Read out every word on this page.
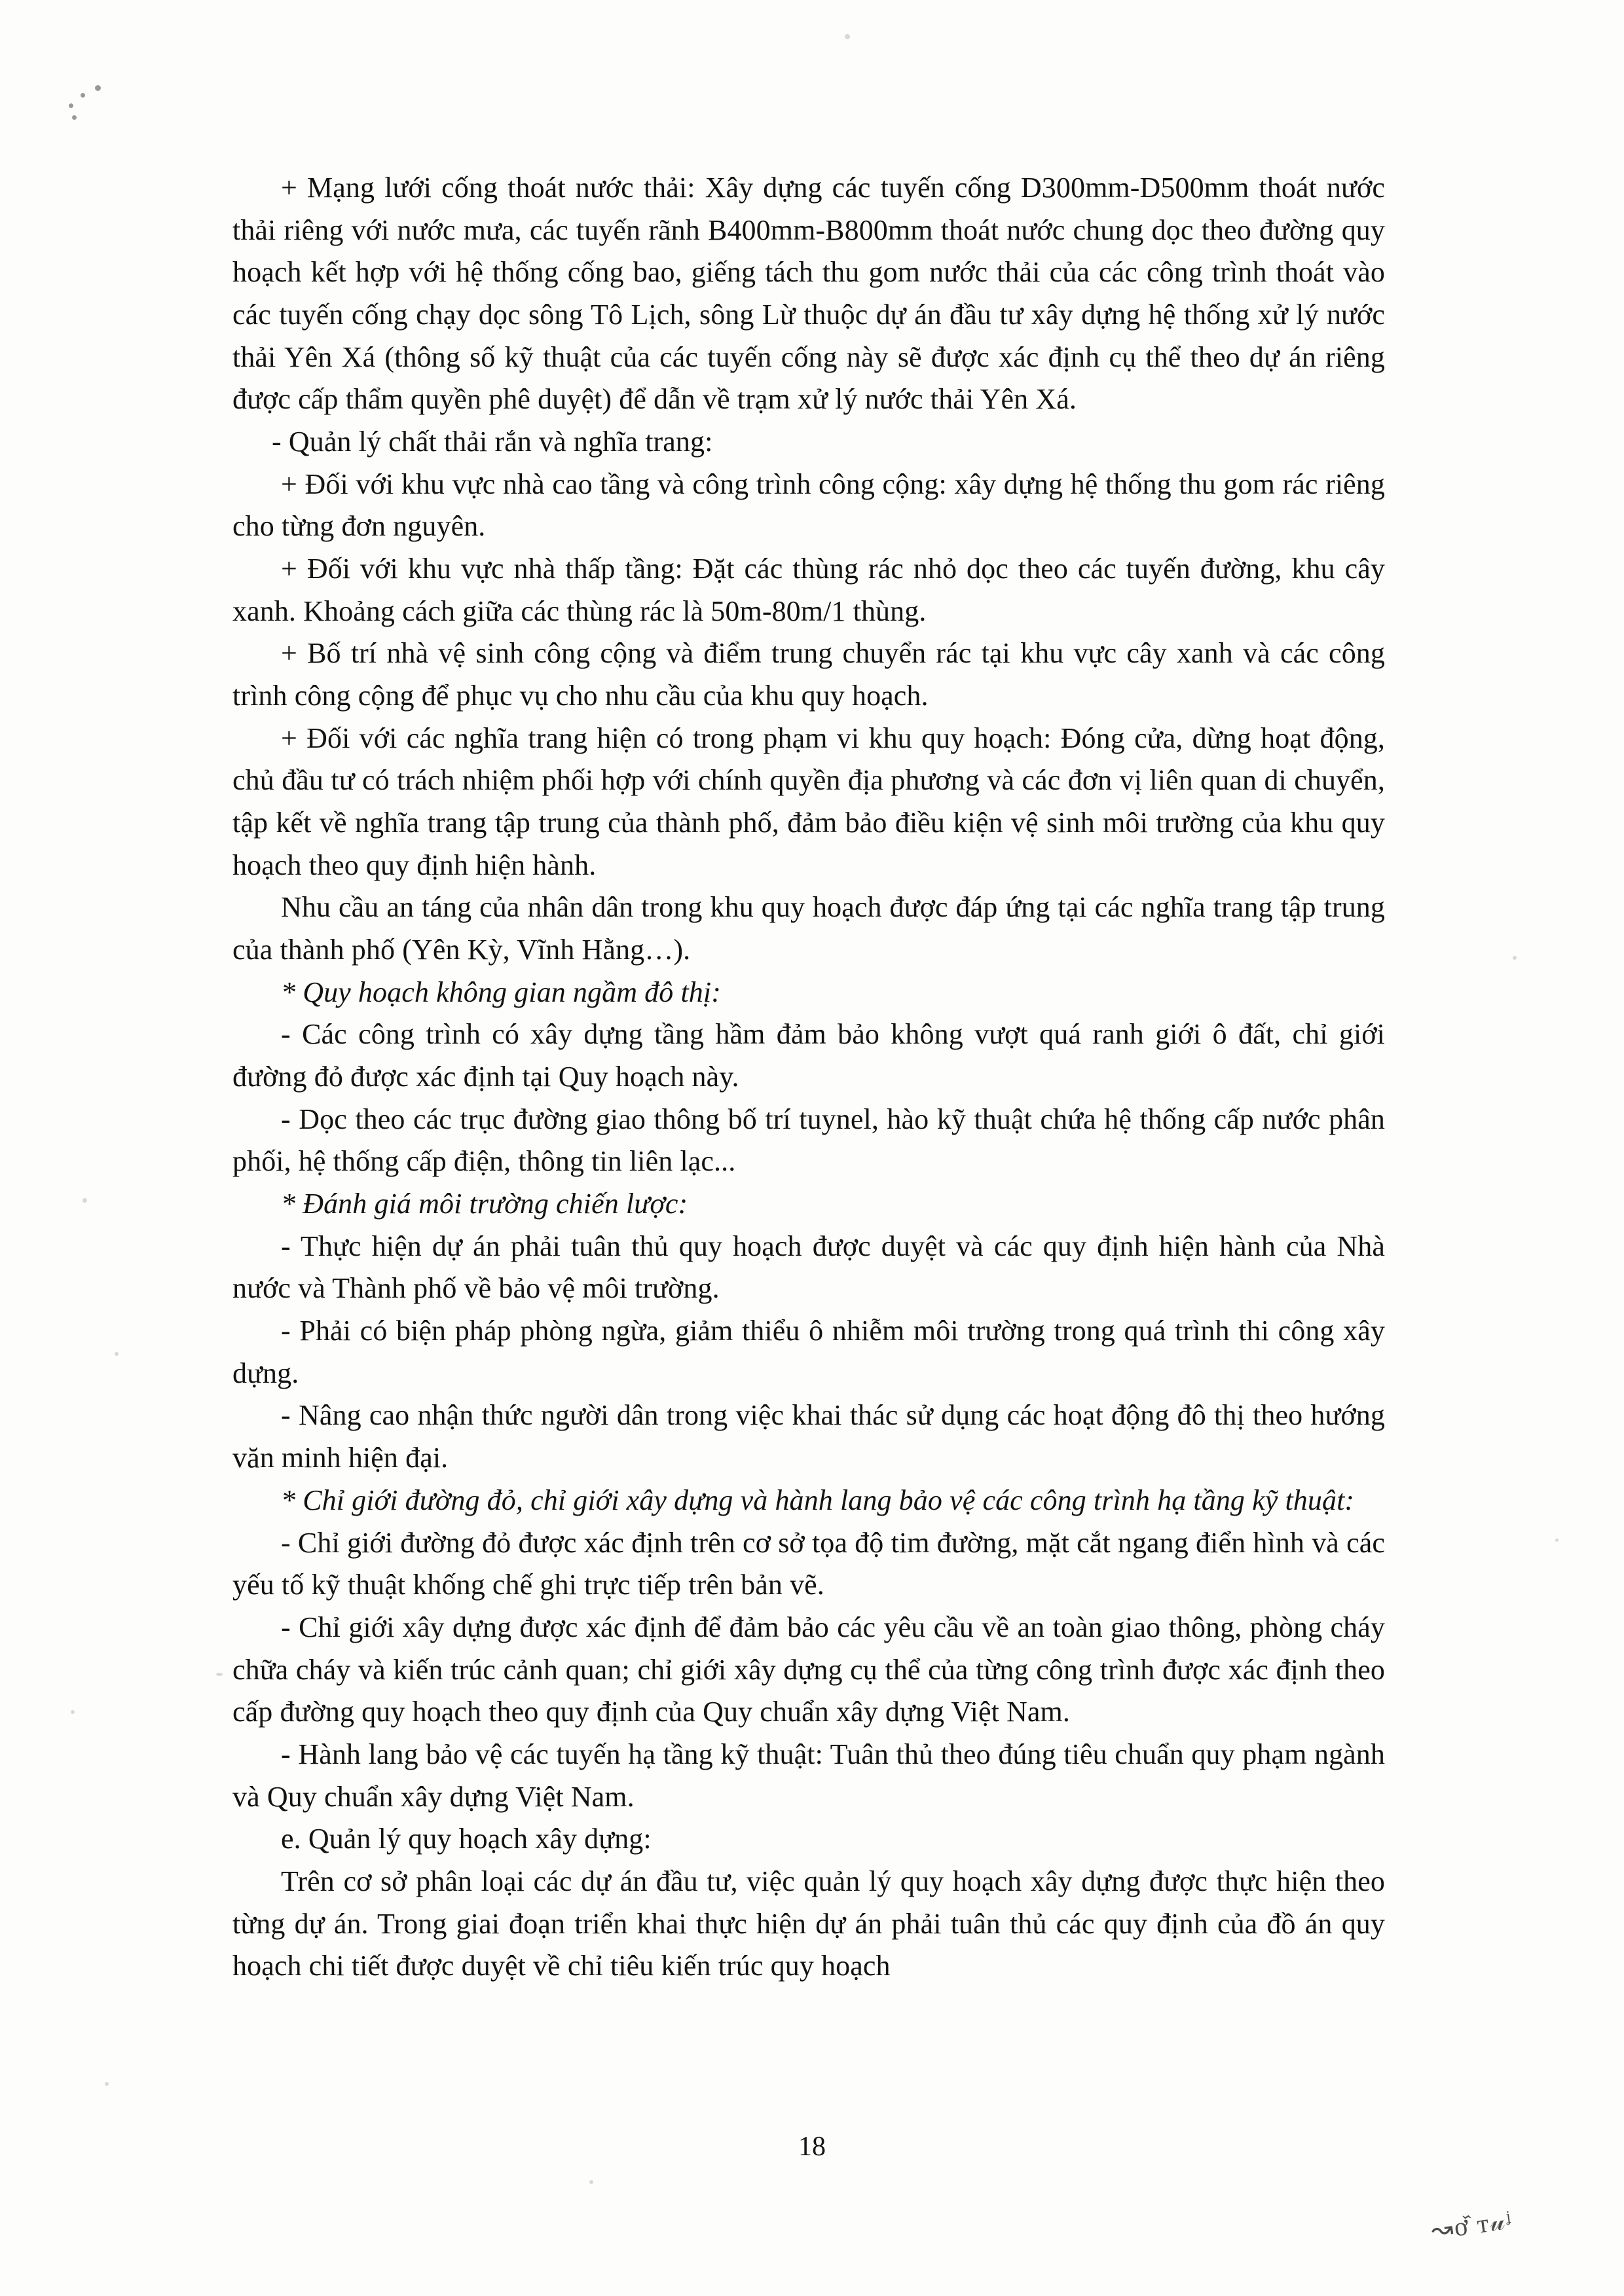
+ Mạng lưới cống thoát nước thải: Xây dựng các tuyến cống D300mm-D500mm thoát nước thải riêng với nước mưa, các tuyến rãnh B400mm-B800mm thoát nước chung dọc theo đường quy hoạch kết hợp với hệ thống cống bao, giếng tách thu gom nước thải của các công trình thoát vào các tuyến cống chạy dọc sông Tô Lịch, sông Lừ thuộc dự án đầu tư xây dựng hệ thống xử lý nước thải Yên Xá (thông số kỹ thuật của các tuyến cống này sẽ được xác định cụ thể theo dự án riêng được cấp thẩm quyền phê duyệt) để dẫn về trạm xử lý nước thải Yên Xá.

- Quản lý chất thải rắn và nghĩa trang:

+ Đối với khu vực nhà cao tầng và công trình công cộng: xây dựng hệ thống thu gom rác riêng cho từng đơn nguyên.

+ Đối với khu vực nhà thấp tầng: Đặt các thùng rác nhỏ dọc theo các tuyến đường, khu cây xanh. Khoảng cách giữa các thùng rác là 50m-80m/1 thùng.

+ Bố trí nhà vệ sinh công cộng và điểm trung chuyển rác tại khu vực cây xanh và các công trình công cộng để phục vụ cho nhu cầu của khu quy hoạch.

+ Đối với các nghĩa trang hiện có trong phạm vi khu quy hoạch: Đóng cửa, dừng hoạt động, chủ đầu tư có trách nhiệm phối hợp với chính quyền địa phương và các đơn vị liên quan di chuyển, tập kết về nghĩa trang tập trung của thành phố, đảm bảo điều kiện vệ sinh môi trường của khu quy hoạch theo quy định hiện hành.

Nhu cầu an táng của nhân dân trong khu quy hoạch được đáp ứng tại các nghĩa trang tập trung của thành phố (Yên Kỳ, Vĩnh Hằng…).

* Quy hoạch không gian ngầm đô thị:

- Các công trình có xây dựng tầng hầm đảm bảo không vượt quá ranh giới ô đất, chỉ giới đường đỏ được xác định tại Quy hoạch này.

- Dọc theo các trục đường giao thông bố trí tuynel, hào kỹ thuật chứa hệ thống cấp nước phân phối, hệ thống cấp điện, thông tin liên lạc...

* Đánh giá môi trường chiến lược:

- Thực hiện dự án phải tuân thủ quy hoạch được duyệt và các quy định hiện hành của Nhà nước và Thành phố về bảo vệ môi trường.

- Phải có biện pháp phòng ngừa, giảm thiểu ô nhiễm môi trường trong quá trình thi công xây dựng.

- Nâng cao nhận thức người dân trong việc khai thác sử dụng các hoạt động đô thị theo hướng văn minh hiện đại.

* Chỉ giới đường đỏ, chỉ giới xây dựng và hành lang bảo vệ các công trình hạ tầng kỹ thuật:

- Chỉ giới đường đỏ được xác định trên cơ sở tọa độ tim đường, mặt cắt ngang điển hình và các yếu tố kỹ thuật khống chế ghi trực tiếp trên bản vẽ.

- Chỉ giới xây dựng được xác định để đảm bảo các yêu cầu về an toàn giao thông, phòng cháy chữa cháy và kiến trúc cảnh quan; chỉ giới xây dựng cụ thể của từng công trình được xác định theo cấp đường quy hoạch theo quy định của Quy chuẩn xây dựng Việt Nam.

- Hành lang bảo vệ các tuyến hạ tầng kỹ thuật: Tuân thủ theo đúng tiêu chuẩn quy phạm ngành và Quy chuẩn xây dựng Việt Nam.

e. Quản lý quy hoạch xây dựng:

Trên cơ sở phân loại các dự án đầu tư, việc quản lý quy hoạch xây dựng được thực hiện theo từng dự án. Trong giai đoạn triển khai thực hiện dự án phải tuân thủ các quy định của đồ án quy hoạch chi tiết được duyệt về chỉ tiêu kiến trúc quy hoạch

18
↝ơ᷈ ᴛ𝓊ᶨ
